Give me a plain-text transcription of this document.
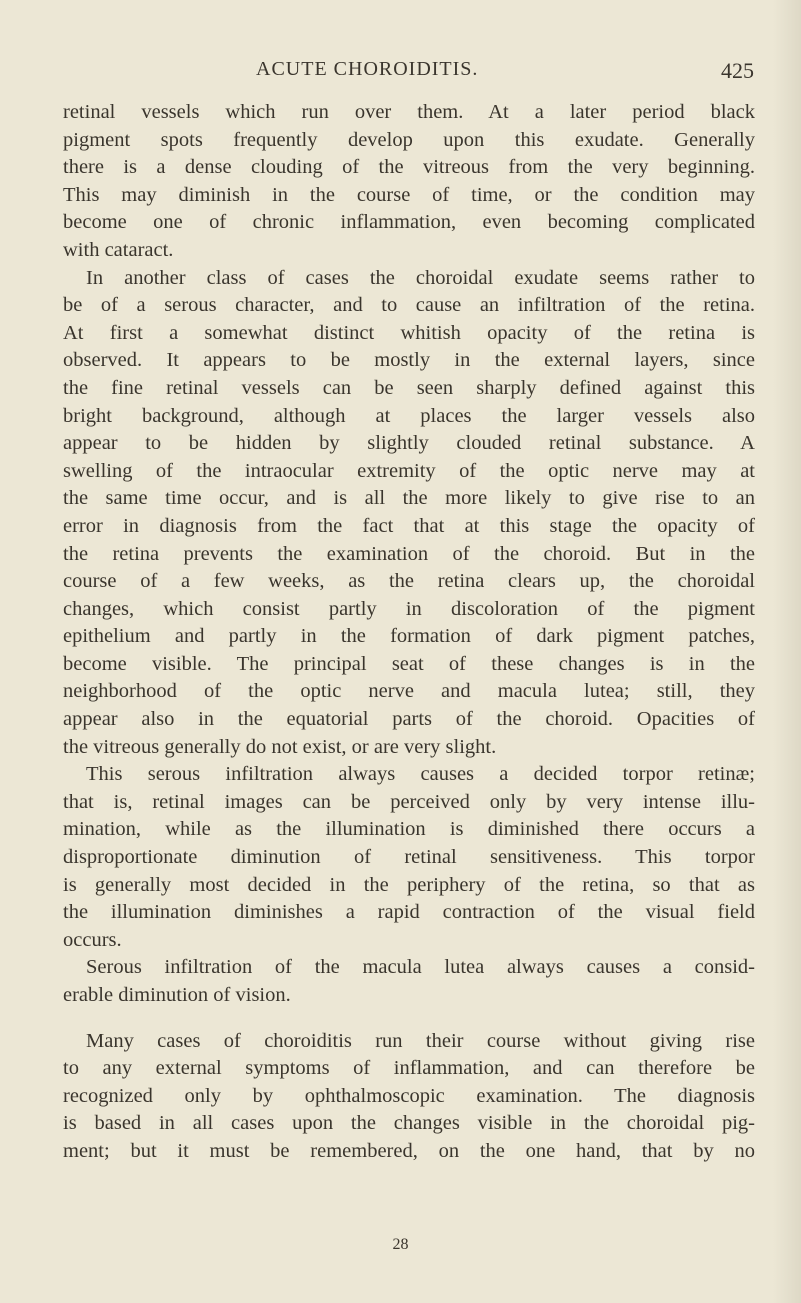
ACUTE CHOROIDITIS.	425
retinal vessels which run over them. At a later period black
pigment spots frequently develop upon this exudate. Generally
there is a dense clouding of the vitreous from the very beginning.
This may diminish in the course of time, or the condition may
become one of chronic inflammation, even becoming complicated
with cataract.
In another class of cases the choroidal exudate seems rather to
be of a serous character, and to cause an infiltration of the retina.
At first a somewhat distinct whitish opacity of the retina is
observed. It appears to be mostly in the external layers, since
the fine retinal vessels can be seen sharply defined against this
bright background, although at places the larger vessels also
appear to be hidden by slightly clouded retinal substance. A
swelling of the intraocular extremity of the optic nerve may at
the same time occur, and is all the more likely to give rise to an
error in diagnosis from the fact that at this stage the opacity of
the retina prevents the examination of the choroid. But in the
course of a few weeks, as the retina clears up, the choroidal
changes, which consist partly in discoloration of the pigment
epithelium and partly in the formation of dark pigment patches,
become visible. The principal seat of these changes is in the
neighborhood of the optic nerve and macula lutea; still, they
appear also in the equatorial parts of the choroid. Opacities of
the vitreous generally do not exist, or are very slight.
This serous infiltration always causes a decided torpor retinæ;
that is, retinal images can be perceived only by very intense illu-
mination, while as the illumination is diminished there occurs a
disproportionate diminution of retinal sensitiveness. This torpor
is generally most decided in the periphery of the retina, so that as
the illumination diminishes a rapid contraction of the visual field
occurs.
Serous infiltration of the macula lutea always causes a consid-
erable diminution of vision.
Many cases of choroiditis run their course without giving rise
to any external symptoms of inflammation, and can therefore be
recognized only by ophthalmoscopic examination. The diagnosis
is based in all cases upon the changes visible in the choroidal pig-
ment; but it must be remembered, on the one hand, that by no
28
